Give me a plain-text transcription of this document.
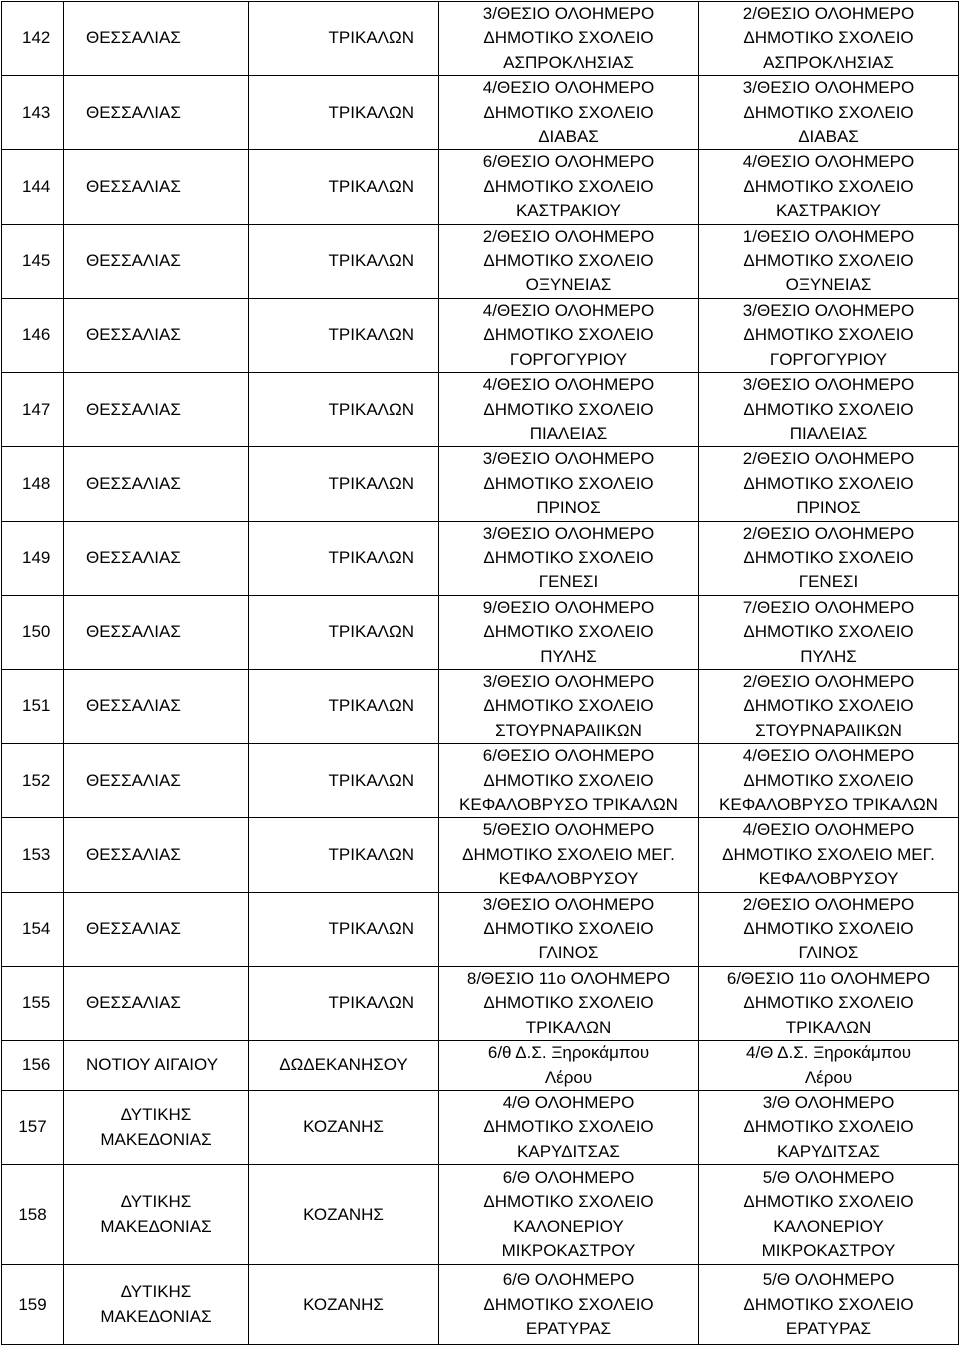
142	ΘΕΣΣΑΛΙΑΣ	ΤΡΙΚΑΛΩΝ	3/ΘΕΣΙΟ ΟΛΟΗΜΕΡΟ
ΔΗΜΟΤΙΚΟ ΣΧΟΛΕΙΟ
ΑΣΠΡΟΚΛΗΣΙΑΣ	2/ΘΕΣΙΟ ΟΛΟΗΜΕΡΟ
ΔΗΜΟΤΙΚΟ ΣΧΟΛΕΙΟ
ΑΣΠΡΟΚΛΗΣΙΑΣ
143	ΘΕΣΣΑΛΙΑΣ	ΤΡΙΚΑΛΩΝ	4/ΘΕΣΙΟ ΟΛΟΗΜΕΡΟ
ΔΗΜΟΤΙΚΟ ΣΧΟΛΕΙΟ
ΔΙΑΒΑΣ	3/ΘΕΣΙΟ ΟΛΟΗΜΕΡΟ
ΔΗΜΟΤΙΚΟ ΣΧΟΛΕΙΟ
ΔΙΑΒΑΣ
144	ΘΕΣΣΑΛΙΑΣ	ΤΡΙΚΑΛΩΝ	6/ΘΕΣΙΟ ΟΛΟΗΜΕΡΟ
ΔΗΜΟΤΙΚΟ ΣΧΟΛΕΙΟ
ΚΑΣΤΡΑΚΙΟΥ	4/ΘΕΣΙΟ ΟΛΟΗΜΕΡΟ
ΔΗΜΟΤΙΚΟ ΣΧΟΛΕΙΟ
ΚΑΣΤΡΑΚΙΟΥ
145	ΘΕΣΣΑΛΙΑΣ	ΤΡΙΚΑΛΩΝ	2/ΘΕΣΙΟ ΟΛΟΗΜΕΡΟ
ΔΗΜΟΤΙΚΟ ΣΧΟΛΕΙΟ
ΟΞΥΝΕΙΑΣ	1/ΘΕΣΙΟ ΟΛΟΗΜΕΡΟ
ΔΗΜΟΤΙΚΟ ΣΧΟΛΕΙΟ
ΟΞΥΝΕΙΑΣ
146	ΘΕΣΣΑΛΙΑΣ	ΤΡΙΚΑΛΩΝ	4/ΘΕΣΙΟ ΟΛΟΗΜΕΡΟ
ΔΗΜΟΤΙΚΟ ΣΧΟΛΕΙΟ
ΓΟΡΓΟΓΥΡΙΟΥ	3/ΘΕΣΙΟ ΟΛΟΗΜΕΡΟ
ΔΗΜΟΤΙΚΟ ΣΧΟΛΕΙΟ
ΓΟΡΓΟΓΥΡΙΟΥ
147	ΘΕΣΣΑΛΙΑΣ	ΤΡΙΚΑΛΩΝ	4/ΘΕΣΙΟ ΟΛΟΗΜΕΡΟ
ΔΗΜΟΤΙΚΟ ΣΧΟΛΕΙΟ
ΠΙΑΛΕΙΑΣ	3/ΘΕΣΙΟ ΟΛΟΗΜΕΡΟ
ΔΗΜΟΤΙΚΟ ΣΧΟΛΕΙΟ
ΠΙΑΛΕΙΑΣ
148	ΘΕΣΣΑΛΙΑΣ	ΤΡΙΚΑΛΩΝ	3/ΘΕΣΙΟ ΟΛΟΗΜΕΡΟ
ΔΗΜΟΤΙΚΟ ΣΧΟΛΕΙΟ
ΠΡΙΝΟΣ	2/ΘΕΣΙΟ ΟΛΟΗΜΕΡΟ
ΔΗΜΟΤΙΚΟ ΣΧΟΛΕΙΟ
ΠΡΙΝΟΣ
149	ΘΕΣΣΑΛΙΑΣ	ΤΡΙΚΑΛΩΝ	3/ΘΕΣΙΟ ΟΛΟΗΜΕΡΟ
ΔΗΜΟΤΙΚΟ ΣΧΟΛΕΙΟ
ΓΕΝΕΣΙ	2/ΘΕΣΙΟ ΟΛΟΗΜΕΡΟ
ΔΗΜΟΤΙΚΟ ΣΧΟΛΕΙΟ
ΓΕΝΕΣΙ
150	ΘΕΣΣΑΛΙΑΣ	ΤΡΙΚΑΛΩΝ	9/ΘΕΣΙΟ ΟΛΟΗΜΕΡΟ
ΔΗΜΟΤΙΚΟ ΣΧΟΛΕΙΟ
ΠΥΛΗΣ	7/ΘΕΣΙΟ ΟΛΟΗΜΕΡΟ
ΔΗΜΟΤΙΚΟ ΣΧΟΛΕΙΟ
ΠΥΛΗΣ
151	ΘΕΣΣΑΛΙΑΣ	ΤΡΙΚΑΛΩΝ	3/ΘΕΣΙΟ ΟΛΟΗΜΕΡΟ
ΔΗΜΟΤΙΚΟ ΣΧΟΛΕΙΟ
ΣΤΟΥΡΝΑΡΑΙΙΚΩΝ	2/ΘΕΣΙΟ ΟΛΟΗΜΕΡΟ
ΔΗΜΟΤΙΚΟ ΣΧΟΛΕΙΟ
ΣΤΟΥΡΝΑΡΑΙΙΚΩΝ
152	ΘΕΣΣΑΛΙΑΣ	ΤΡΙΚΑΛΩΝ	6/ΘΕΣΙΟ ΟΛΟΗΜΕΡΟ
ΔΗΜΟΤΙΚΟ ΣΧΟΛΕΙΟ
ΚΕΦΑΛΟΒΡΥΣΟ ΤΡΙΚΑΛΩΝ	4/ΘΕΣΙΟ ΟΛΟΗΜΕΡΟ
ΔΗΜΟΤΙΚΟ ΣΧΟΛΕΙΟ
ΚΕΦΑΛΟΒΡΥΣΟ ΤΡΙΚΑΛΩΝ
153	ΘΕΣΣΑΛΙΑΣ	ΤΡΙΚΑΛΩΝ	5/ΘΕΣΙΟ ΟΛΟΗΜΕΡΟ
ΔΗΜΟΤΙΚΟ ΣΧΟΛΕΙΟ ΜΕΓ.
ΚΕΦΑΛΟΒΡΥΣΟΥ	4/ΘΕΣΙΟ ΟΛΟΗΜΕΡΟ
ΔΗΜΟΤΙΚΟ ΣΧΟΛΕΙΟ ΜΕΓ.
ΚΕΦΑΛΟΒΡΥΣΟΥ
154	ΘΕΣΣΑΛΙΑΣ	ΤΡΙΚΑΛΩΝ	3/ΘΕΣΙΟ ΟΛΟΗΜΕΡΟ
ΔΗΜΟΤΙΚΟ ΣΧΟΛΕΙΟ
ΓΛΙΝΟΣ	2/ΘΕΣΙΟ ΟΛΟΗΜΕΡΟ
ΔΗΜΟΤΙΚΟ ΣΧΟΛΕΙΟ
ΓΛΙΝΟΣ
155	ΘΕΣΣΑΛΙΑΣ	ΤΡΙΚΑΛΩΝ	8/ΘΕΣΙΟ 11ο ΟΛΟΗΜΕΡΟ
ΔΗΜΟΤΙΚΟ ΣΧΟΛΕΙΟ
ΤΡΙΚΑΛΩΝ	6/ΘΕΣΙΟ 11ο ΟΛΟΗΜΕΡΟ
ΔΗΜΟΤΙΚΟ ΣΧΟΛΕΙΟ
ΤΡΙΚΑΛΩΝ
156	ΝΟΤΙΟΥ ΑΙΓΑΙΟΥ	ΔΩΔΕΚΑΝΗΣΟΥ	6/θ Δ.Σ. Ξηροκάμπου
Λέρου	4/Θ Δ.Σ. Ξηροκάμπου
Λέρου
157	ΔΥΤΙΚΗΣ
ΜΑΚΕΔΟΝΙΑΣ	ΚΟΖΑΝΗΣ	4/Θ ΟΛΟΗΜΕΡΟ
ΔΗΜΟΤΙΚΟ ΣΧΟΛΕΙΟ
ΚΑΡΥΔΙΤΣΑΣ	3/Θ ΟΛΟΗΜΕΡΟ
ΔΗΜΟΤΙΚΟ ΣΧΟΛΕΙΟ
ΚΑΡΥΔΙΤΣΑΣ
158	ΔΥΤΙΚΗΣ
ΜΑΚΕΔΟΝΙΑΣ	ΚΟΖΑΝΗΣ	6/Θ ΟΛΟΗΜΕΡΟ
ΔΗΜΟΤΙΚΟ ΣΧΟΛΕΙΟ
ΚΑΛΟΝΕΡΙΟΥ
ΜΙΚΡΟΚΑΣΤΡΟΥ	5/Θ ΟΛΟΗΜΕΡΟ
ΔΗΜΟΤΙΚΟ ΣΧΟΛΕΙΟ
ΚΑΛΟΝΕΡΙΟΥ
ΜΙΚΡΟΚΑΣΤΡΟΥ
159	ΔΥΤΙΚΗΣ
ΜΑΚΕΔΟΝΙΑΣ	ΚΟΖΑΝΗΣ	6/Θ ΟΛΟΗΜΕΡΟ
ΔΗΜΟΤΙΚΟ ΣΧΟΛΕΙΟ
ΕΡΑΤΥΡΑΣ	5/Θ ΟΛΟΗΜΕΡΟ
ΔΗΜΟΤΙΚΟ ΣΧΟΛΕΙΟ
ΕΡΑΤΥΡΑΣ
